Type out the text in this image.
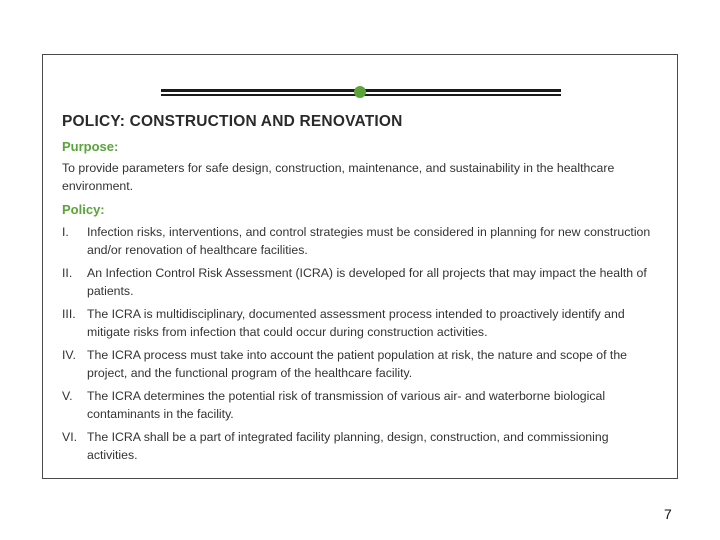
POLICY: CONSTRUCTION AND RENOVATION
Purpose:
To provide parameters for safe design, construction, maintenance, and sustainability in the healthcare environment.
Policy:
I.	Infection risks, interventions, and control strategies must be considered in planning for new construction and/or renovation of healthcare facilities.
II.	An Infection Control Risk Assessment (ICRA) is developed for all projects that may impact the health of patients.
III. The ICRA is multidisciplinary, documented assessment process intended to proactively identify and mitigate risks from infection that could occur during construction activities.
IV. The ICRA process must take into account the patient population at risk, the nature and scope of the project, and the functional program of the healthcare facility.
V.	The ICRA determines the potential risk of transmission of various air- and waterborne biological contaminants in the facility.
VI. The ICRA shall be a part of integrated facility planning, design, construction, and commissioning activities.
7
